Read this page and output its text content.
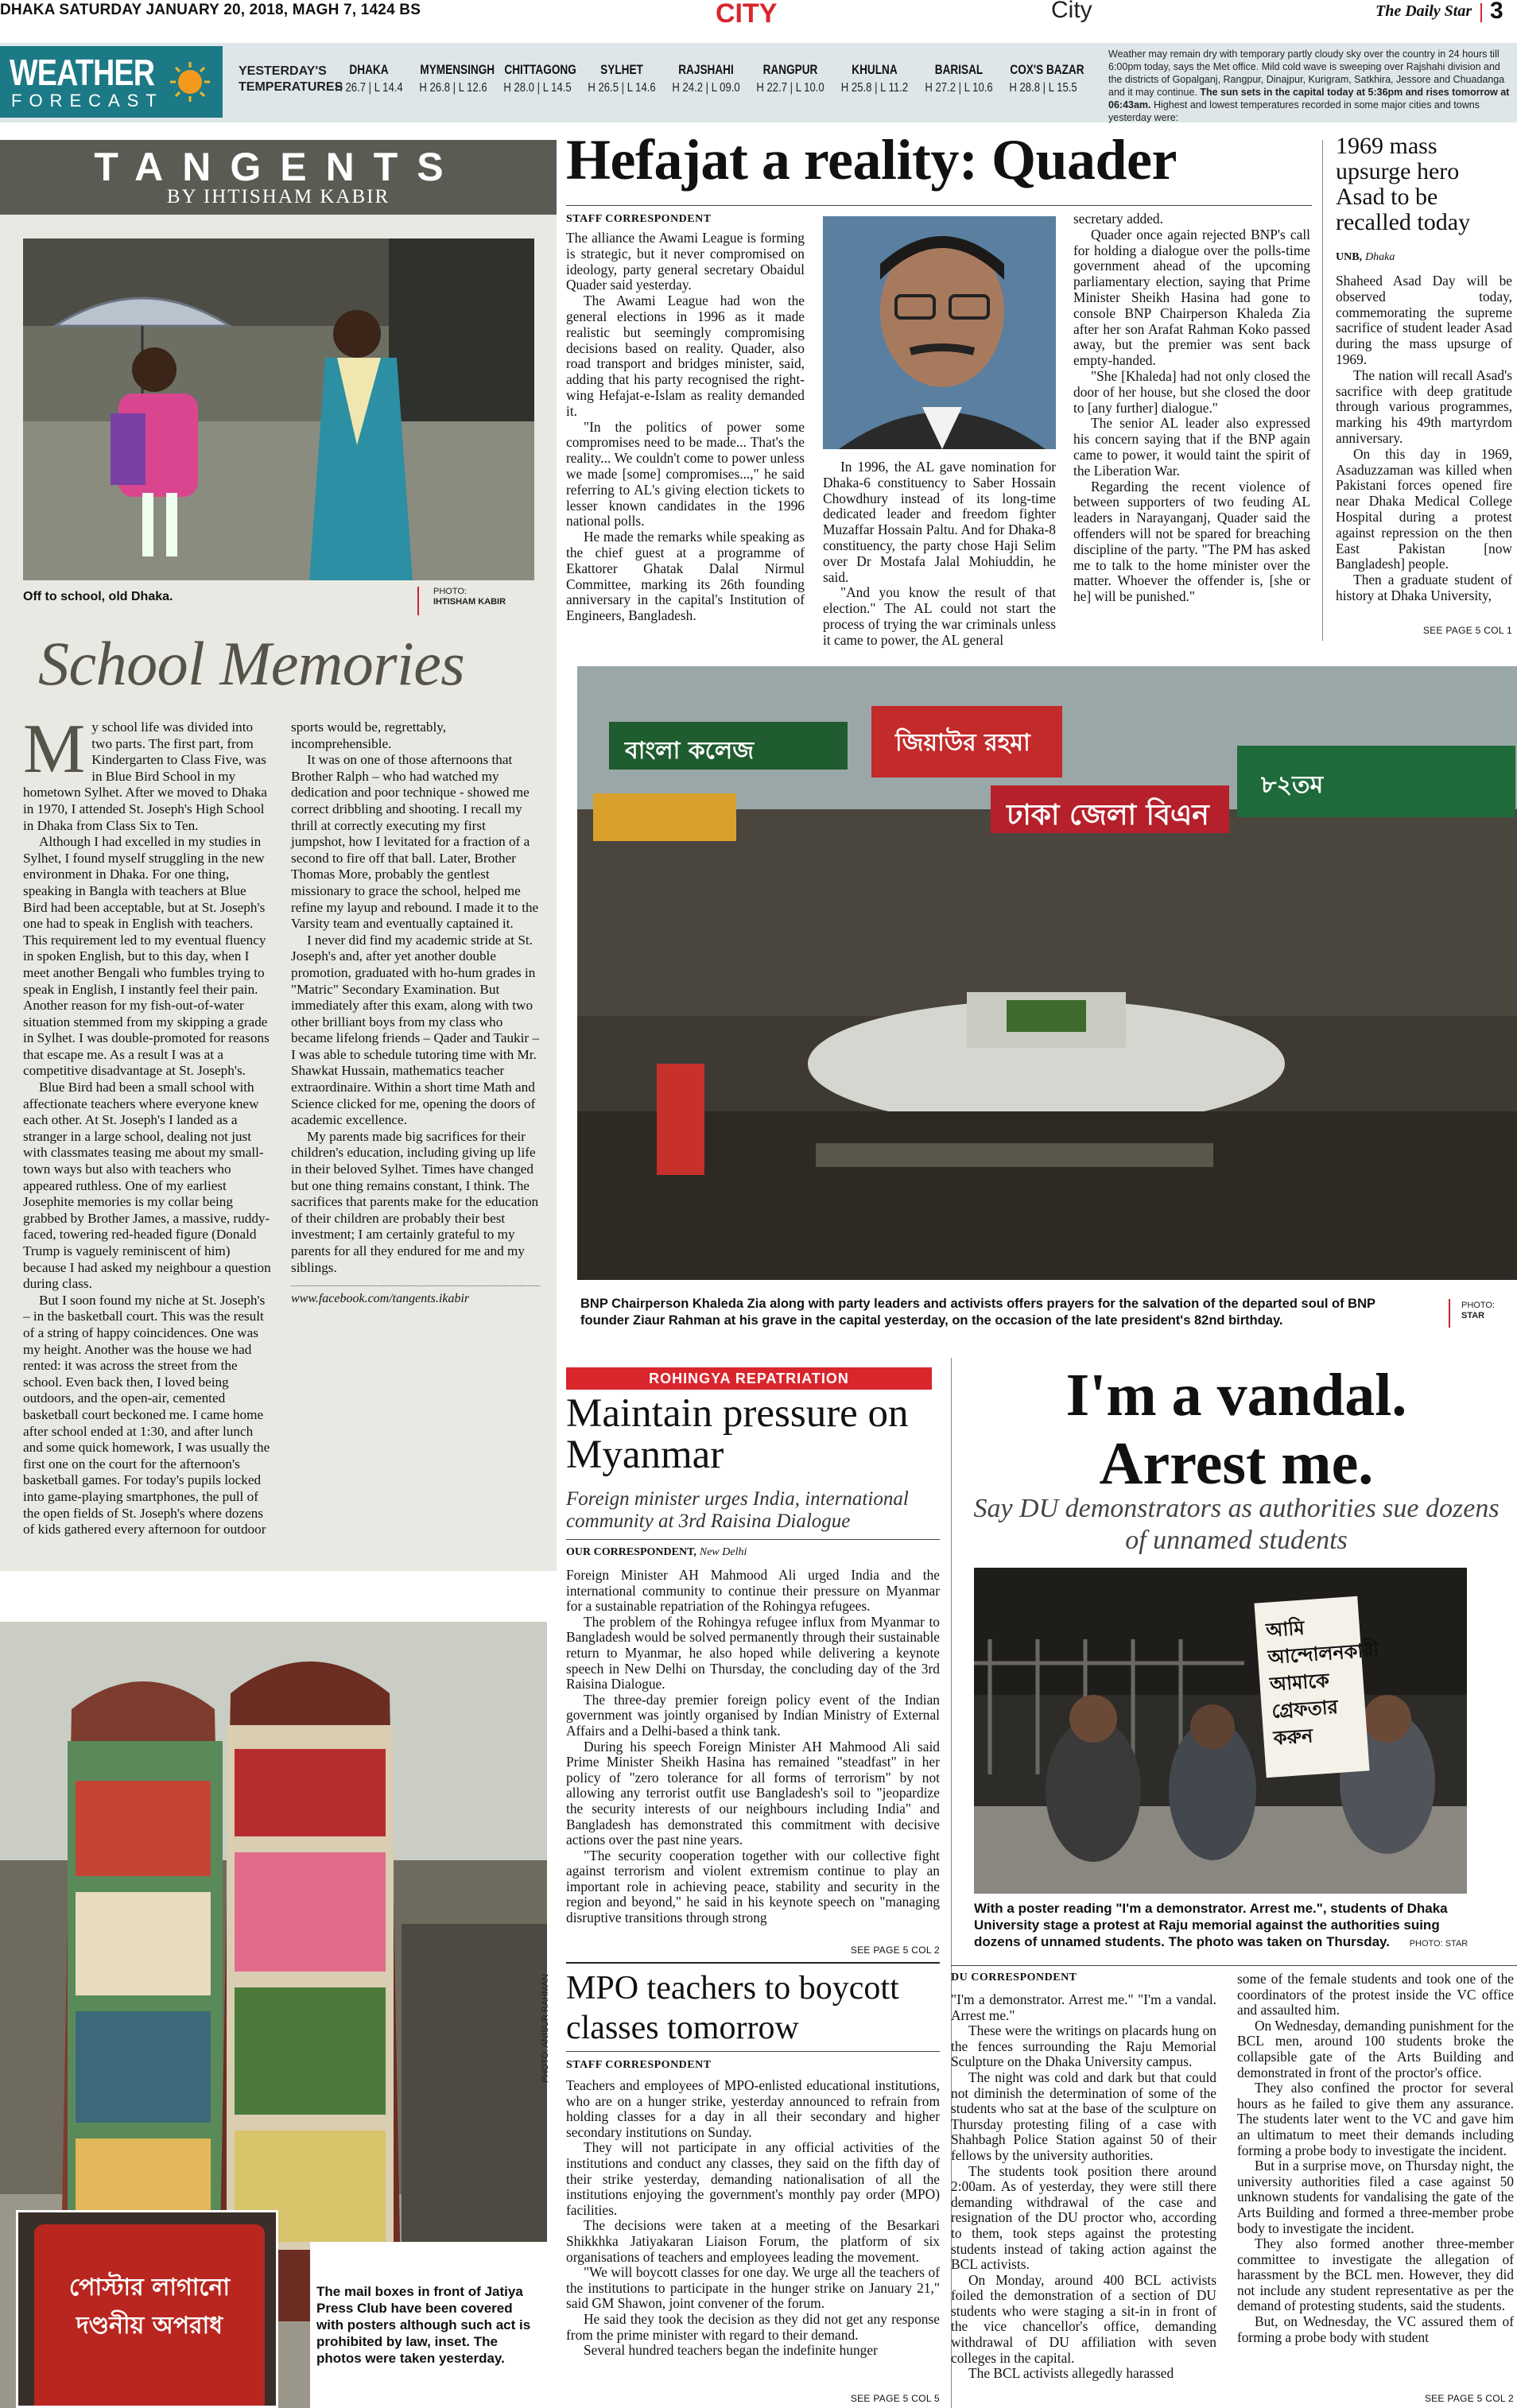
DHAKA SATURDAY JANUARY 20, 2018, MAGH 7, 1424 BS	CITY	City	The Daily Star 3
WEATHER
FORECAST
YESTERDAY'S
TEMPERATURES
DHAKA
H 26.7 | L 14.4
MYMENSINGH
H 26.8 | L 12.6
CHITTAGONG
H 28.0 | L 14.5
SYLHET
H 26.5 | L 14.6
RAJSHAHI
H 24.2 | L 09.0
RANGPUR
H 22.7 | L 10.0
KHULNA
H 25.8 | L 11.2
BARISAL
H 27.2 | L 10.6
COX'S BAZAR
H 28.8 | L 15.5
Weather may remain dry with temporary partly cloudy sky over the country in 24 hours till 6:00pm today, says the Met office. Mild cold wave is sweeping over Rajshahi division and the districts of Gopalganj, Rangpur, Dinajpur, Kurigram, Satkhira, Jessore and Chuadanga and it may continue. The sun sets in the capital today at 5:36pm and rises tomorrow at 06:43am. Highest and lowest temperatures recorded in some major cities and towns yesterday were:
TANGENTS
BY IHTISHAM KABIR
Off to school, old Dhaka.	PHOTO:
IHTISHAM KABIR
School Memories
M y school life was divided into two parts. The first part, from Kindergarten to Class Five, was in Blue Bird School in my hometown Sylhet. After we moved to Dhaka in 1970, I attended St. Joseph's High School in Dhaka from Class Six to Ten.

Although I had excelled in my studies in Sylhet, I found myself struggling in the new environment in Dhaka. For one thing, speaking in Bangla with teachers at Blue Bird had been acceptable, but at St. Joseph's one had to speak in English with teachers. This requirement led to my eventual fluency in spoken English, but to this day, when I meet another Bengali who fumbles trying to speak in English, I instantly feel their pain. Another reason for my fish-out-of-water situation stemmed from my skipping a grade in Sylhet. I was double-promoted for reasons that escape me. As a result I was at a competitive disadvantage at St. Joseph's.

Blue Bird had been a small school with affectionate teachers where everyone knew each other. At St. Joseph's I landed as a stranger in a large school, dealing not just with classmates teasing me about my small-town ways but also with teachers who appeared ruthless. One of my earliest Josephite memories is my collar being grabbed by Brother James, a massive, ruddy-faced, towering red-headed figure (Donald Trump is vaguely reminiscent of him) because I had asked my neighbour a question during class.

But I soon found my niche at St. Joseph's – in the basketball court. This was the result of a string of happy coincidences. One was my height. Another was the house we had rented: it was across the street from the school. Even back then, I loved being outdoors, and the open-air, cemented basketball court beckoned me. I came home after school ended at 1:30, and after lunch and some quick homework, I was usually the first one on the court for the afternoon's basketball games. For today's pupils locked into game-playing smartphones, the pull of the open fields of St. Joseph's where dozens of kids gathered every afternoon for outdoor sports would be, regrettably, incomprehensible.

It was on one of those afternoons that Brother Ralph – who had watched my dedication and poor technique - showed me correct dribbling and shooting. I recall my thrill at correctly executing my first jumpshot, how I levitated for a fraction of a second to fire off that ball. Later, Brother Thomas More, probably the gentlest missionary to grace the school, helped me refine my layup and rebound. I made it to the Varsity team and eventually captained it.

I never did find my academic stride at St. Joseph's and, after yet another double promotion, graduated with ho-hum grades in "Matric" Secondary Examination. But immediately after this exam, along with two other brilliant boys from my class who became lifelong friends – Qader and Taukir – I was able to schedule tutoring time with Mr. Shawkat Hussain, mathematics teacher extraordinaire. Within a short time Math and Science clicked for me, opening the doors of academic excellence.

My parents made big sacrifices for their children's education, including giving up life in their beloved Sylhet. Times have changed but one thing remains constant, I think. The sacrifices that parents make for the education of their children are probably their best investment; I am certainly grateful to my parents for all they endured for me and my siblings.

www.facebook.com/tangents.ikabir

পোস্টার লাগানো
দণ্ডনীয় অপরাধ
The mail boxes in front of Jatiya Press Club have been covered with posters although such act is prohibited by law, inset. The photos were taken yesterday.
PHOTO: ANISUR RAHMAN
Hefajat a reality: Quader
STAFF CORRESPONDENT

The alliance the Awami League is forming is strategic, but it never compromised on ideology, party general secretary Obaidul Quader said yesterday.

The Awami League had won the general elections in 1996 as it made realistic but seemingly compromising decisions based on reality. Quader, also road transport and bridges minister, said, adding that his party recognised the right-wing Hefajat-e-Islam as reality demanded it.

"In the politics of power some compromises need to be made... That's the reality... We couldn't come to power unless we made [some] compromises...," he said referring to AL's giving election tickets to lesser known candidates in the 1996 national polls.

He made the remarks while speaking as the chief guest at a programme of Ekattorer Ghatak Dalal Nirmul Committee, marking its 26th founding anniversary in the capital's Institution of Engineers, Bangladesh.

In 1996, the AL gave nomination for Dhaka-6 constituency to Saber Hossain Chowdhury instead of its long-time dedicated leader and freedom fighter Muzaffar Hossain Paltu. And for Dhaka-8 constituency, the party chose Haji Selim over Dr Mostafa Jalal Mohiuddin, he said.

"And you know the result of that election." The AL could not start the process of trying the war criminals unless it came to power, the AL general

secretary added.

Quader once again rejected BNP's call for holding a dialogue over the polls-time government ahead of the upcoming parliamentary election, saying that Prime Minister Sheikh Hasina had gone to console BNP Chairperson Khaleda Zia after her son Arafat Rahman Koko passed away, but the premier was sent back empty-handed.

"She [Khaleda] had not only closed the door of her house, but she closed the door to [any further] dialogue."

The senior AL leader also expressed his concern saying that if the BNP again came to power, it would taint the spirit of the Liberation War.

Regarding the recent violence of between supporters of two feuding AL leaders in Narayanganj, Quader said the offenders will not be spared for breaching discipline of the party. "The PM has asked me to talk to the home minister over the matter. Whoever the offender is, [she or he] will be punished."

1969 mass upsurge hero Asad to be recalled today
UNB, Dhaka

Shaheed Asad Day will be observed today, commemorating the supreme sacrifice of student leader Asad during the mass upsurge of 1969.

The nation will recall Asad's sacrifice with deep gratitude through various programmes, marking his 49th martyrdom anniversary.

On this day in 1969, Asaduzzaman was killed when Pakistani forces opened fire near Dhaka Medical College Hospital during a protest against repression on the then East Pakistan [now Bangladesh] people.

Then a graduate student of history at Dhaka University,

SEE PAGE 5 COL 1
বাংলা কলেজ
ঢাকা জেলা বিএন
জিয়াউর রহমা
৮২তম
BNP Chairperson Khaleda Zia along with party leaders and activists offers prayers for the salvation of the departed soul of BNP founder Ziaur Rahman at his grave in the capital yesterday, on the occasion of the late president's 82nd birthday.
PHOTO:
STAR
ROHINGYA REPATRIATION
Maintain pressure on Myanmar
Foreign minister urges India, international community at 3rd Raisina Dialogue
OUR CORRESPONDENT, New Delhi

Foreign Minister AH Mahmood Ali urged India and the international community to continue their pressure on Myanmar for a sustainable repatriation of the Rohingya refugees.

The problem of the Rohingya refugee influx from Myanmar to Bangladesh would be solved permanently through their sustainable return to Myanmar, he also hoped while delivering a keynote speech in New Delhi on Thursday, the concluding day of the 3rd Raisina Dialogue.

The three-day premier foreign policy event of the Indian government was jointly organised by Indian Ministry of External Affairs and a Delhi-based a think tank.

During his speech Foreign Minister AH Mahmood Ali said Prime Minister Sheikh Hasina has remained "steadfast" in her policy of "zero tolerance for all forms of terrorism" by not allowing any terrorist outfit use Bangladesh's soil to "jeopardize the security interests of our neighbours including India" and Bangladesh has demonstrated this commitment with decisive actions over the past nine years.

"The security cooperation together with our collective fight against terrorism and violent extremism continue to play an important role in achieving peace, stability and security in the region and beyond," he said in his keynote speech on "managing disruptive transitions through strong

SEE PAGE 5 COL 2
MPO teachers to boycott classes tomorrow
STAFF CORRESPONDENT

Teachers and employees of MPO-enlisted educational institutions, who are on a hunger strike, yesterday announced to refrain from holding classes for a day in all their secondary and higher secondary institutions on Sunday.

They will not participate in any official activities of the institutions and conduct any classes, they said on the fifth day of their strike yesterday, demanding nationalisation of all the institutions enjoying the government's monthly pay order (MPO) facilities.

The decisions were taken at a meeting of the Besarkari Shikkhka Jatiyakaran Liaison Forum, the platform of six organisations of teachers and employees leading the movement.

"We will boycott classes for one day. We urge all the teachers of the institutions to participate in the hunger strike on January 21," said GM Shawon, joint convener of the forum.

He said they took the decision as they did not get any response from the prime minister with regard to their demand.

Several hundred teachers began the indefinite hunger

SEE PAGE 5 COL 5
I'm a vandal. Arrest me.
Say DU demonstrators as authorities sue dozens of unnamed students
আমি আন্দোলনকারী আমাকে গ্রেফতার করুন
With a poster reading "I'm a demonstrator. Arrest me.", students of Dhaka University stage a protest at Raju memorial against the authorities suing dozens of unnamed students. The photo was taken on Thursday. PHOTO: STAR
DU CORRESPONDENT

"I'm a demonstrator. Arrest me." "I'm a vandal. Arrest me."

These were the writings on placards hung on the fences surrounding the Raju Memorial Sculpture on the Dhaka University campus.

The night was cold and dark but that could not diminish the determination of some of the students who sat at the base of the sculpture on Thursday protesting filing of a case with Shahbagh Police Station against 50 of their fellows by the university authorities.

The students took position there around 2:00am. As of yesterday, they were still there demanding withdrawal of the case and resignation of the DU proctor who, according to them, took steps against the protesting students instead of taking action against the BCL activists.

On Monday, around 400 BCL activists foiled the demonstration of a section of DU students who were staging a sit-in in front of the vice chancellor's office, demanding withdrawal of DU affiliation with seven colleges in the capital.

The BCL activists allegedly harassed

some of the female students and took one of the coordinators of the protest inside the VC office and assaulted him.

On Wednesday, demanding punishment for the BCL men, around 100 students broke the collapsible gate of the Arts Building and demonstrated in front of the proctor's office.

They also confined the proctor for several hours as he failed to give them any assurance. The students later went to the VC and gave him an ultimatum to meet their demands including forming a probe body to investigate the incident.

But in a surprise move, on Thursday night, the university authorities filed a case against 50 unknown students for vandalising the gate of the Arts Building and formed a three-member probe body to investigate the incident.

They also formed another three-member committee to investigate the allegation of harassment by the BCL men. However, they did not include any student representative as per the demand of protesting students, said the students.

But, on Wednesday, the VC assured them of forming a probe body with student

SEE PAGE 5 COL 2
